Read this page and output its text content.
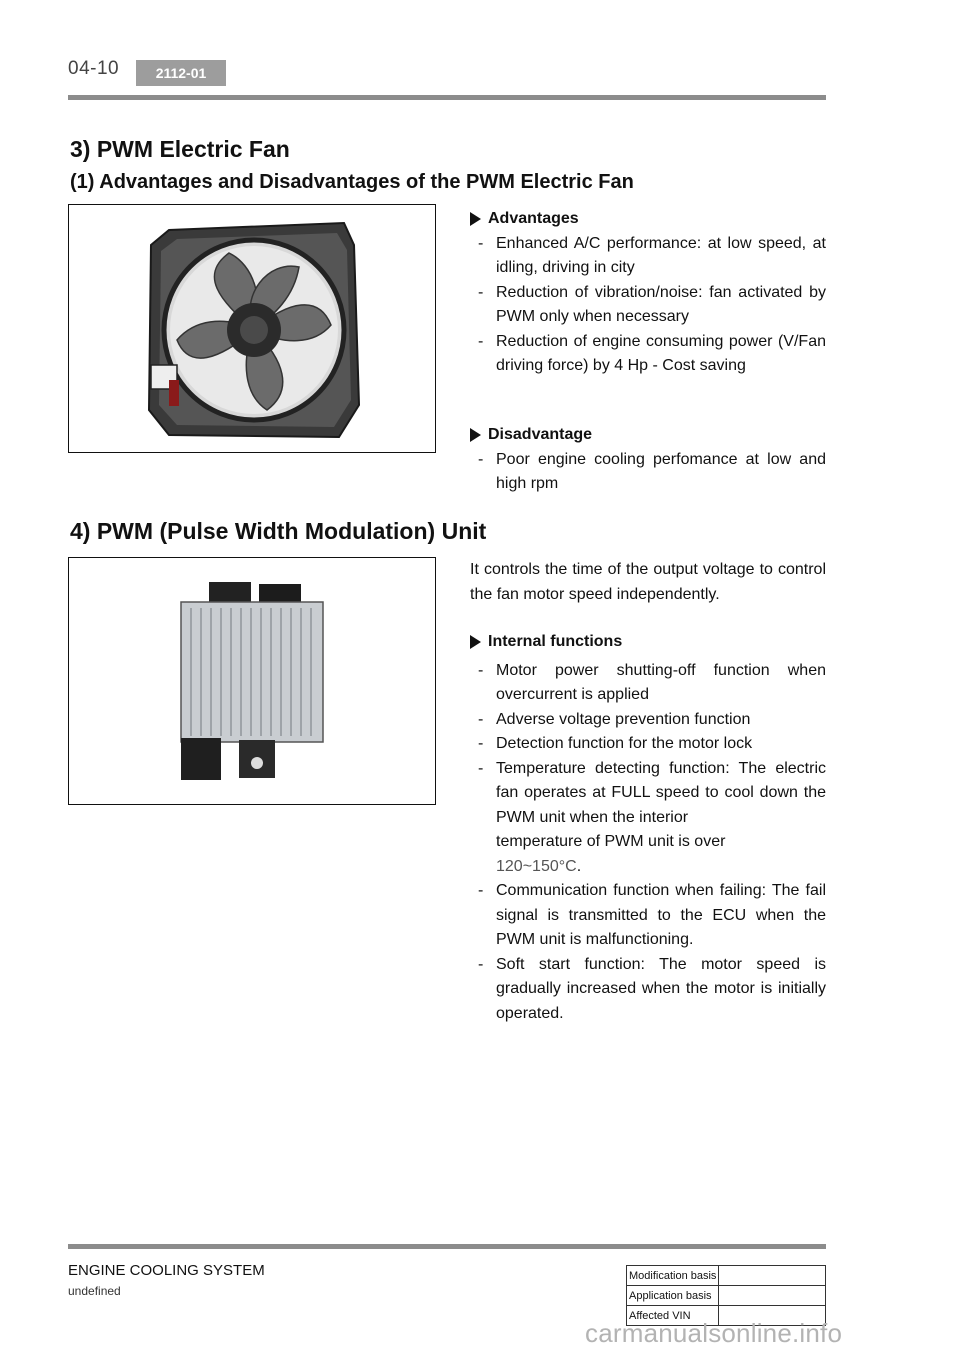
04-10	2112-01
3) PWM Electric Fan
(1) Advantages and Disadvantages of the PWM Electric Fan
Advantages
- Enhanced A/C performance: at low speed, at idling, driving in city
- Reduction of vibration/noise: fan activated by PWM only when necessary
- Reduction of engine consuming power (V/Fan driving force) by 4 Hp - Cost saving
Disadvantage
- Poor engine cooling perfomance at low and high rpm
4) PWM (Pulse Width Modulation) Unit
It controls the time of the output voltage to control the fan motor speed independently.
Internal functions
- Motor power shutting-off function when overcurrent is applied
- Adverse voltage prevention function
- Detection function for the motor lock
- Temperature detecting function: The electric fan operates at FULL speed to cool down the PWM unit when the interior
temperature of PWM unit is over
120~150°C.
- Communication function when failing: The fail signal is transmitted to the ECU when the PWM unit is malfunctioning.
- Soft start function: The motor speed is gradually increased when the motor is initially operated.
ENGINE COOLING SYSTEM
undefined
Modification basis	
Application basis	
Affected VIN	
carmanualsonline.info
